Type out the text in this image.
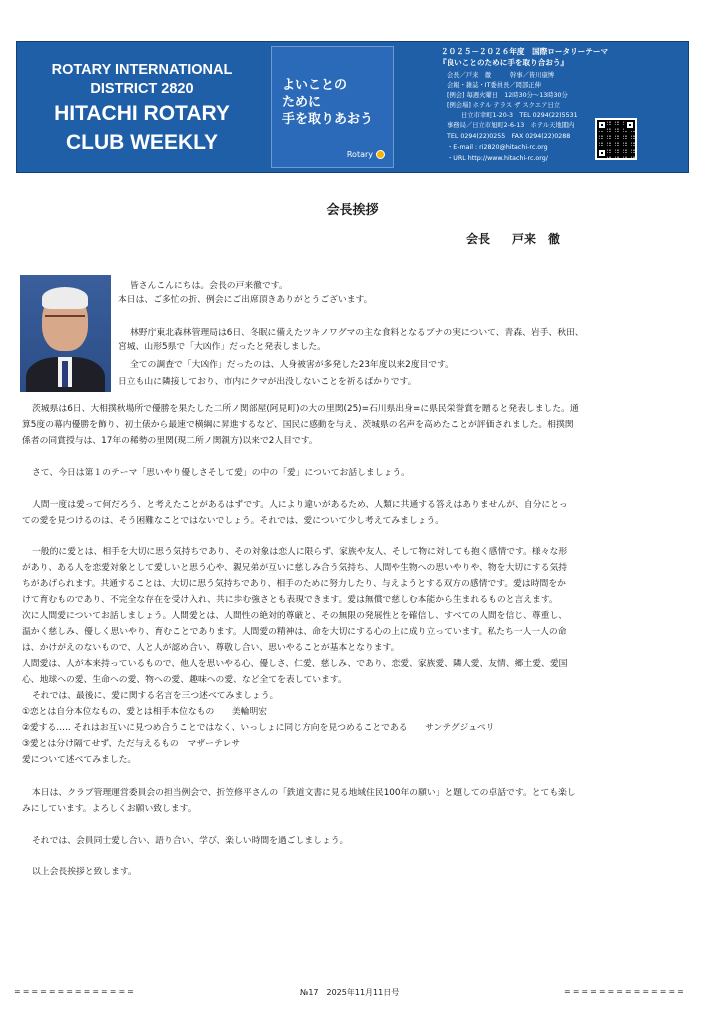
ROTARY INTERNATIONAL
DISTRICT 2820
HITACHI ROTARY
CLUB WEEKLY
よいことの
ために
手を取りあおう
Rotary
２０２５－２０２６年度　国際ロータリーテーマ
『良いことのために手を取り合おう』
会長／戸来　徹　　　幹事／皆川康博
会報・雑誌・IT委員長／岡部正伸
[例会] 毎週火曜日　12時30分～13時30分
[例会場] ホテル テラス ザ スクエア日立
日立市幸町1-20-3　TEL 0294(22)5531
事務局／日立市旭町2-6-13　ホテル天地閣内
TEL 0294(22)0255　FAX 0294(22)0288
・E-mail : ri2820@hitachi-rc.org
・URL http://www.hitachi-rc.org/
会長挨拶
会長 戸来　徹
皆さんこんにちは。会長の戸来徹です。
本日は、ご多忙の折、例会にご出席頂きありがとうございます。
林野庁東北森林管理局は6日、冬眠に備えたツキノワグマの主な食料となるブナの実について、青森、岩手、秋田、
宮城、山形5県で「大凶作」だったと発表しました。
全ての調査で「大凶作」だったのは、人身被害が多発した23年度以来2度目です。
日立も山に隣接しており、市内にクマが出没しないことを祈るばかりです。
茨城県は6日、大相撲秋場所で優勝を果たした二所ノ関部屋(阿見町)の大の里関(25)=石川県出身=に県民栄誉賞を贈ると発表しました。通
算5度の幕内優勝を飾り、初土俵から最速で横綱に昇進するなど、国民に感動を与え、茨城県の名声を高めたことが評価されました。相撲関
係者の同賞授与は、17年の稀勢の里関(現二所ノ関親方)以来で2人目です。
さて、今日は第１のテーマ「思いやり優しさそして愛」の中の「愛」についてお話しましょう。
人間一度は愛って何だろう、と考えたことがあるはずです。人により違いがあるため、人類に共通する答えはありませんが、自分にとっ
ての愛を見つけるのは、そう困難なことではないでしょう。それでは、愛について少し考えてみましょう。
一般的に愛とは、相手を大切に思う気持ちであり、その対象は恋人に限らず、家族や友人、そして物に対しても抱く感情です。様々な形
があり、ある人を恋愛対象として愛しいと思う心や、親兄弟が互いに慈しみ合う気持ち、人間や生物への思いやりや、物を大切にする気持
ちがあげられます。共通することは、大切に思う気持ちであり、相手のために努力したり、与えようとする双方の感情です。愛は時間をか
けて育むものであり、不完全な存在を受け入れ、共に歩む強さとも表現できます。愛は無償で慈しむ本能から生まれるものと言えます。
次に人間愛についてお話しましょう。人間愛とは、人間性の絶対的尊厳と、その無限の発展性とを確信し、すべての人間を信じ、尊重し、
温かく慈しみ、優しく思いやり、育むことであります。人間愛の精神は、命を大切にする心の上に成り立っています。私たち一人一人の命
は、かけがえのないもので、人と人が認め合い、尊敬し合い、思いやることが基本となります。
人間愛は、人が本来持っているもので、他人を思いやる心、優しさ、仁愛、慈しみ、であり、恋愛、家族愛、隣人愛、友情、郷土愛、愛国
心、地球への愛、生命への愛、物への愛、趣味への愛、など全てを表しています。
それでは、最後に、愛に関する名言を三つ述べてみましょう。
①恋とは自分本位なもの、愛とは相手本位なもの　　美輪明宏
②愛する….. それはお互いに見つめ合うことではなく、いっしょに同じ方向を見つめることである　　サンテグジュペリ
③愛とは分け隔てせず、ただ与えるもの　マザーテレサ
愛について述べてみました。
本日は、クラブ管理運営委員会の担当例会で、折笠修平さんの「鉄道文書に見る地域住民100年の願い」と題しての卓話です。とても楽し
みにしています。よろしくお願い致します。
それでは、会員同士愛し合い、語り合い、学び、楽しい時間を過ごしましょう。
以上会長挨拶と致します。
==============	№17　2025年11月11日号	==============
